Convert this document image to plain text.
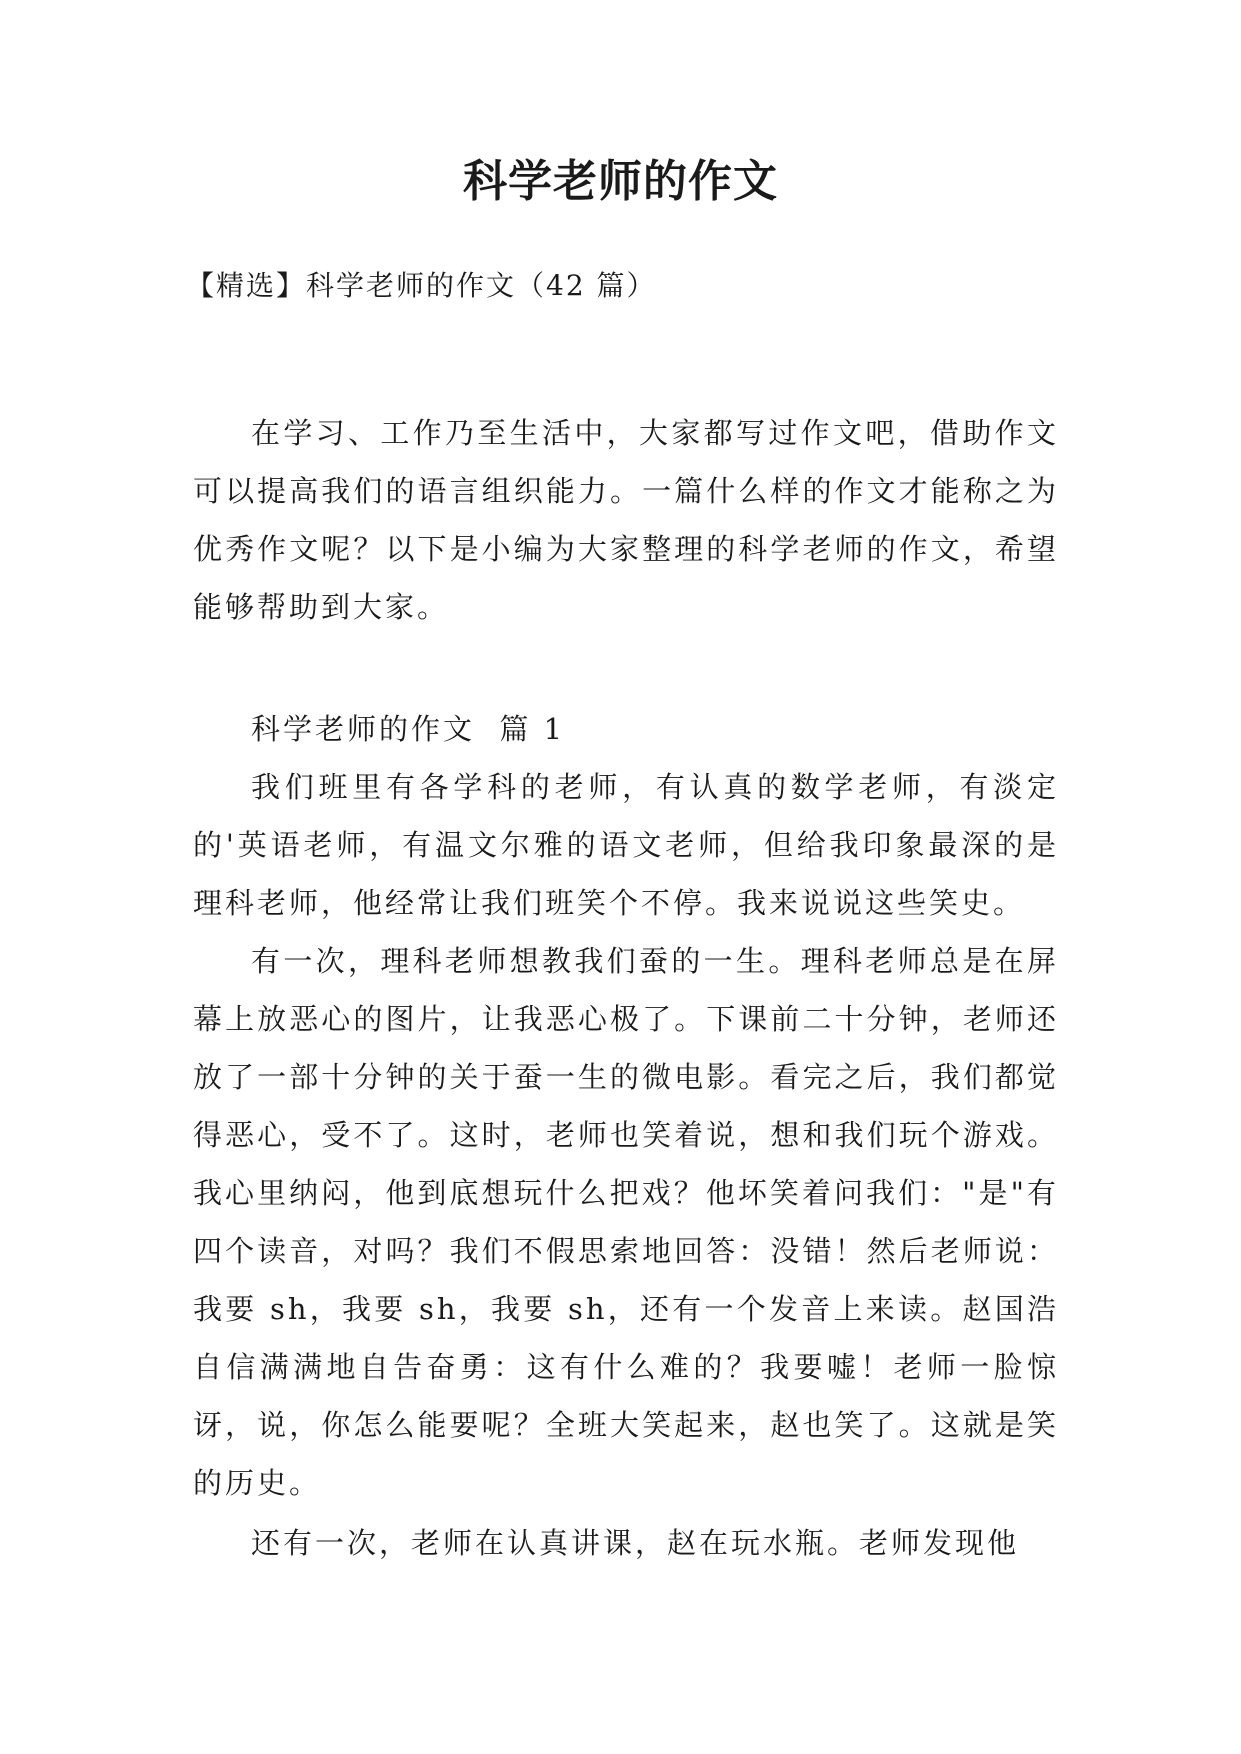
科学老师的作文
【精选】科学老师的作文（42 篇）

在学习、工作乃至生活中，大家都写过作文吧，借助作文可以提高我们的语言组织能力。一篇什么样的作文才能称之为优秀作文呢？以下是小编为大家整理的科学老师的作文，希望能够帮助到大家。

科学老师的作文  篇 1

我们班里有各学科的老师，有认真的数学老师，有淡定的'英语老师，有温文尔雅的语文老师，但给我印象最深的是理科老师，他经常让我们班笑个不停。我来说说这些笑史。

有一次，理科老师想教我们蚕的一生。理科老师总是在屏幕上放恶心的图片，让我恶心极了。下课前二十分钟，老师还放了一部十分钟的关于蚕一生的微电影。看完之后，我们都觉得恶心，受不了。这时，老师也笑着说，想和我们玩个游戏。我心里纳闷，他到底想玩什么把戏？他坏笑着问我们："是"有四个读音，对吗？我们不假思索地回答：没错！然后老师说：我要 sh，我要 sh，我要 sh，还有一个发音上来读。赵国浩自信满满地自告奋勇：这有什么难的？我要嘘！老师一脸惊讶，说，你怎么能要呢？全班大笑起来，赵也笑了。这就是笑的历史。

还有一次，老师在认真讲课，赵在玩水瓶。老师发现他
